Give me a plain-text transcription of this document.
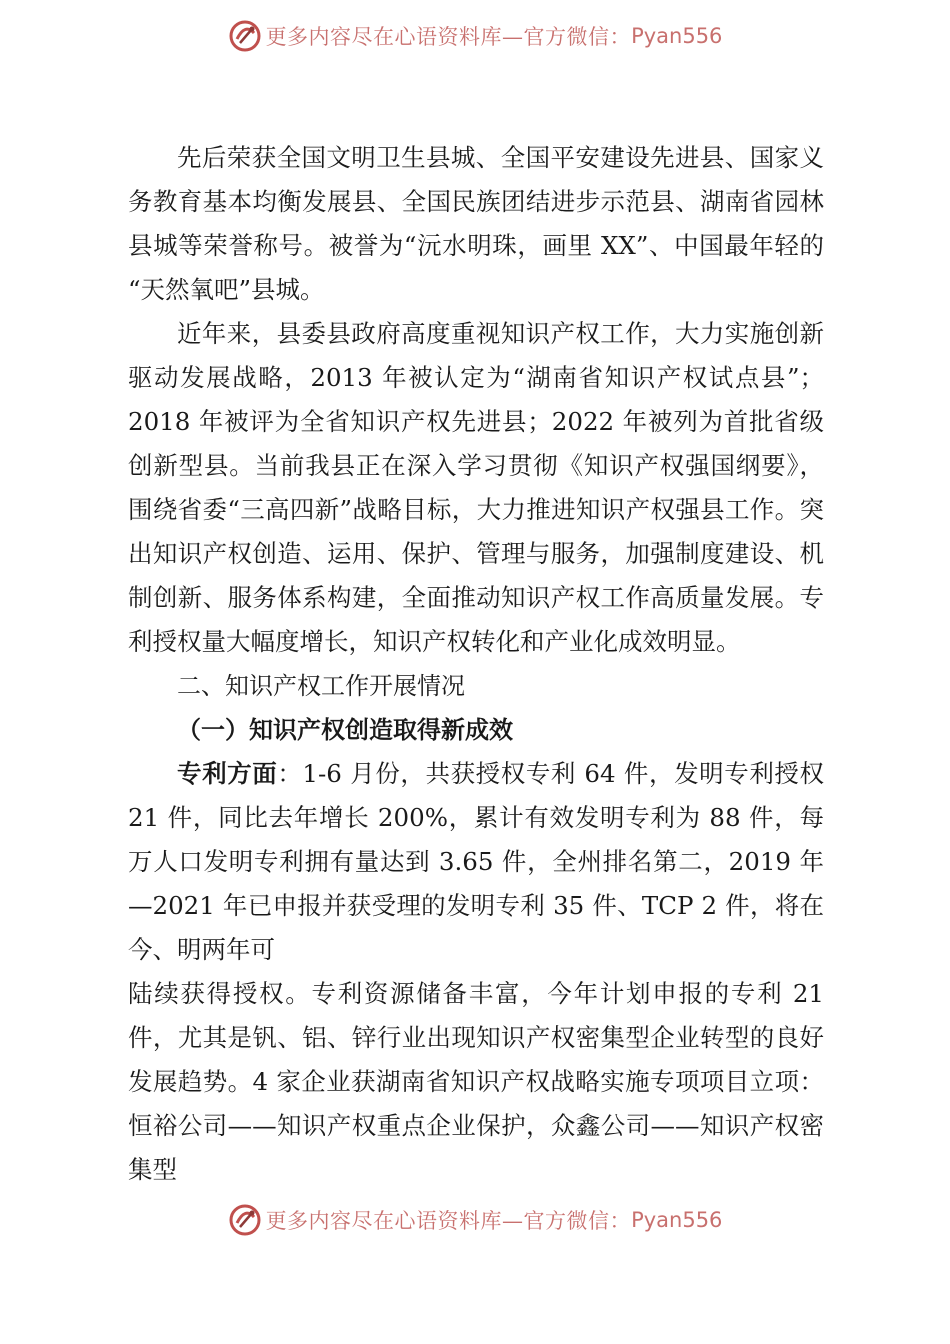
更多内容尽在心语资料库—官方微信： Pyan556

先后荣获全国文明卫生县城、全国平安建设先进县、国家义务教育基本均衡发展县、全国民族团结进步示范县、湖南省园林县城等荣誉称号。被誉为“沅水明珠，画里 XX”、中国最年轻的 “天然氧吧”县城。

近年来，县委县政府高度重视知识产权工作，大力实施创新驱动发展战略，2013 年被认定为“湖南省知识产权试点县”；2018 年被评为全省知识产权先进县；2022 年被列为首批省级创新型县。当前我县正在深入学习贯彻《知识产权强国纲要》，围绕省委“三高四新”战略目标，大力推进知识产权强县工作。突出知识产权创造、运用、保护、管理与服务，加强制度建设、机制创新、服务体系构建，全面推动知识产权工作高质量发展。专利授权量大幅度增长，知识产权转化和产业化成效明显。

二、知识产权工作开展情况

（一）知识产权创造取得新成效

专利方面：1-6 月份，共获授权专利 64 件，发明专利授权 21 件，同比去年增长 200%，累计有效发明专利为 88 件，每万人口发明专利拥有量达到 3.65 件，全州排名第二，2019 年—2021 年已申报并获受理的发明专利 35 件、TCP 2 件，将在今、明两年可

陆续获得授权。专利资源储备丰富，今年计划申报的专利 21 件，尤其是钒、铝、锌行业出现知识产权密集型企业转型的良好发展趋势。4 家企业获湖南省知识产权战略实施专项项目立项：恒裕公司——知识产权重点企业保护，众鑫公司——知识产权密集型

更多内容尽在心语资料库—官方微信： Pyan556
